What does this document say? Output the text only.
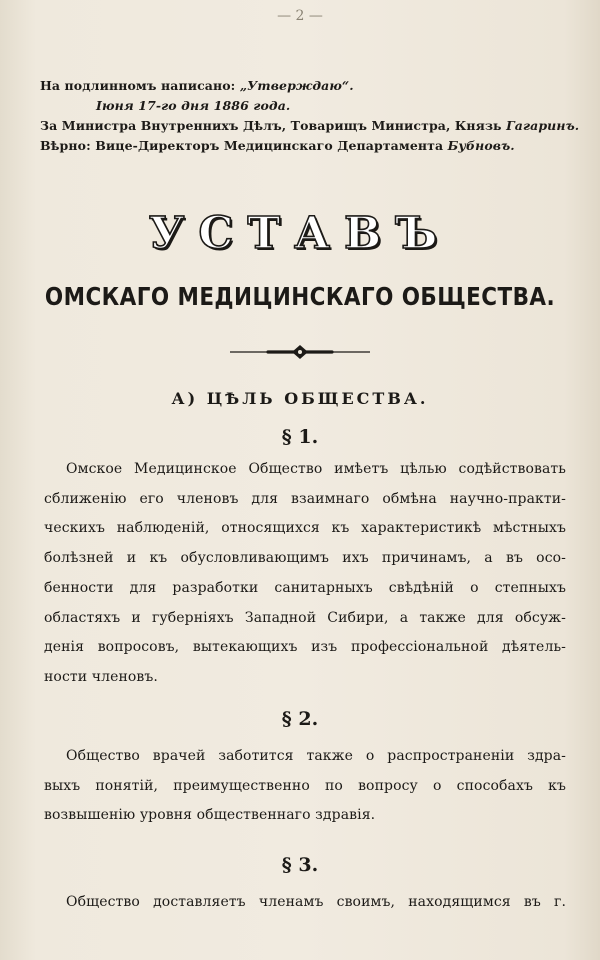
— 2 —
На подлинномъ написано: „Утверждаю“.
Іюня 17-го дня 1886 года.
За Министра Внутреннихъ Дѣлъ, Товарищъ Министра, Князь Гагаринъ.
Вѣрно: Вице-Директоръ Медицинскаго Департамента Бубновъ.
УСТАВЪ
ОМСКАГО МЕДИЦИНСКАГО ОБЩЕСТВА.
А) ЦѢЛЬ ОБЩЕСТВА.
§ 1.
Омское Медицинское Общество имѣетъ цѣлью содѣйствовать
сближенію его членовъ для взаимнаго обмѣна научно-практи-
ческихъ наблюденій, относящихся къ характеристикѣ мѣстныхъ
болѣзней и къ обусловливающимъ ихъ причинамъ, а въ осо-
бенности для разработки санитарныхъ свѣдѣній о степныхъ
областяхъ и губерніяхъ Западной Сибири, а также для обсуж-
денія вопросовъ, вытекающихъ изъ профессіональной дѣятель-
ности членовъ.
§ 2.
Общество врачей заботится также о распространеніи здра-
выхъ понятій, преимущественно по вопросу о способахъ къ
возвышенію уровня общественнаго здравія.
§ 3.
Общество доставляетъ членамъ своимъ, находящимся въ г.
